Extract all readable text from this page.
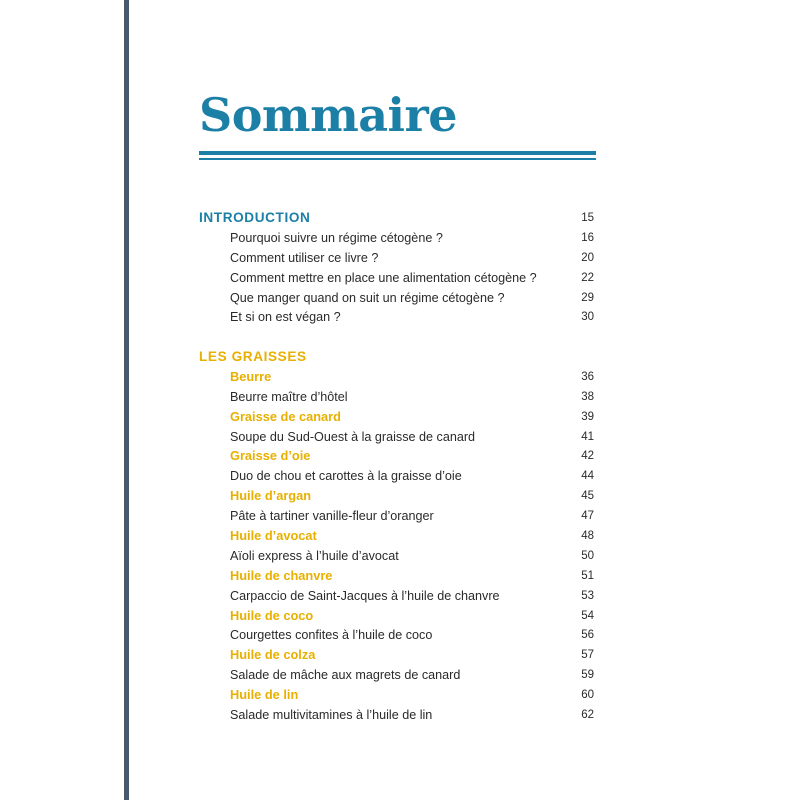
Sommaire
INTRODUCTION	15
Pourquoi suivre un régime cétogène ?	16
Comment utiliser ce livre ?	20
Comment mettre en place une alimentation cétogène ?	22
Que manger quand on suit un régime cétogène ?	29
Et si on est végan ?	30
LES GRAISSES
Beurre	36
Beurre maître d’hôtel	38
Graisse de canard	39
Soupe du Sud-Ouest à la graisse de canard	41
Graisse d’oie	42
Duo de chou et carottes à la graisse d’oie	44
Huile d’argan	45
Pâte à tartiner vanille-fleur d’oranger	47
Huile d’avocat	48
Aïoli express à l’huile d’avocat	50
Huile de chanvre	51
Carpaccio de Saint-Jacques à l’huile de chanvre	53
Huile de coco	54
Courgettes confites à l’huile de coco	56
Huile de colza	57
Salade de mâche aux magrets de canard	59
Huile de lin	60
Salade multivitamines à l’huile de lin	62
